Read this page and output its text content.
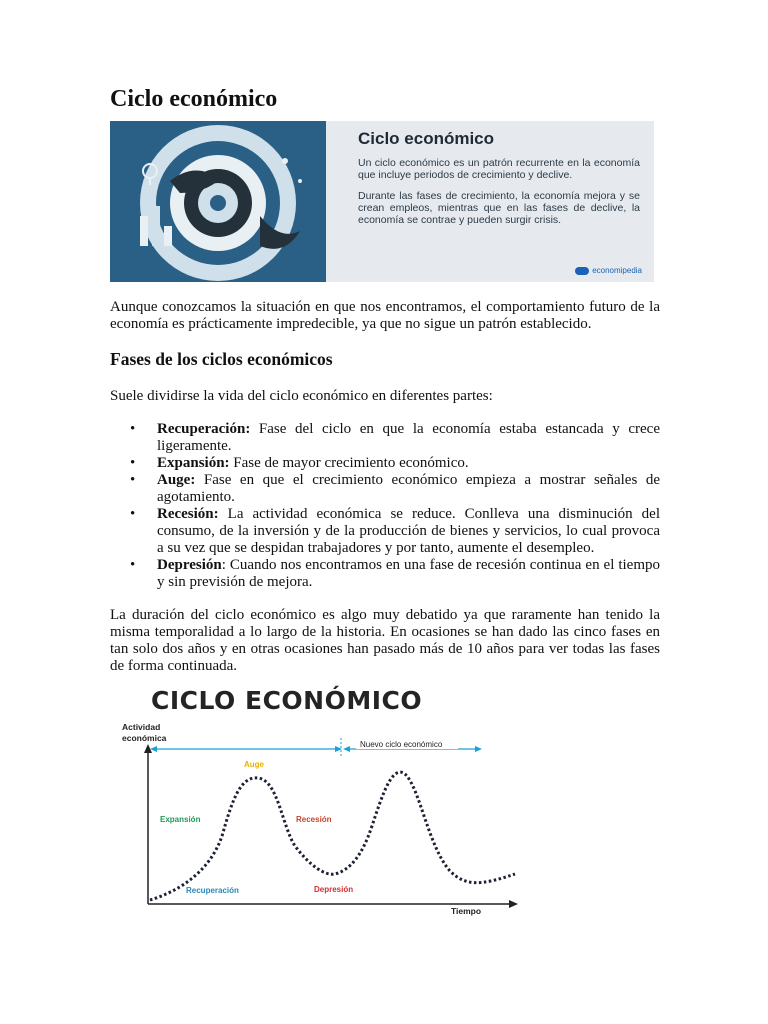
Ciclo económico
Ciclo económico

Un ciclo económico es un patrón recurrente en la economía que incluye periodos de crecimiento y declive.

Durante las fases de crecimiento, la economía mejora y se crean empleos, mientras que en las fases de declive, la economía se contrae y pueden surgir crisis.

economipedia

Aunque conozcamos la situación en que nos encontramos, el comportamiento futuro de la economía es prácticamente impredecible, ya que no sigue un patrón establecido.

Fases de los ciclos económicos

Suele dividirse la vida del ciclo económico en diferentes partes:

• Recuperación: Fase del ciclo en que la economía estaba estancada y crece ligeramente.
• Expansión: Fase de mayor crecimiento económico.
• Auge: Fase en que el crecimiento económico empieza a mostrar señales de agotamiento.
• Recesión: La actividad económica se reduce. Conlleva una disminución del consumo, de la inversión y de la producción de bienes y servicios, lo cual provoca a su vez que se despidan trabajadores y por tanto, aumente el desempleo.
• Depresión: Cuando nos encontramos en una fase de recesión continua en el tiempo y sin previsión de mejora.

La duración del ciclo económico es algo muy debatido ya que raramente han tenido la misma temporalidad a lo largo de la historia. En ocasiones se han dado las cinco fases en tan solo dos años y en otras ocasiones han pasado más de 10 años para ver todas las fases de forma continuada.

CICLO ECONÓMICO
Actividad
económica
Tiempo
Nuevo ciclo económico
Auge
Expansión	Recesión
Recuperación	Depresión
